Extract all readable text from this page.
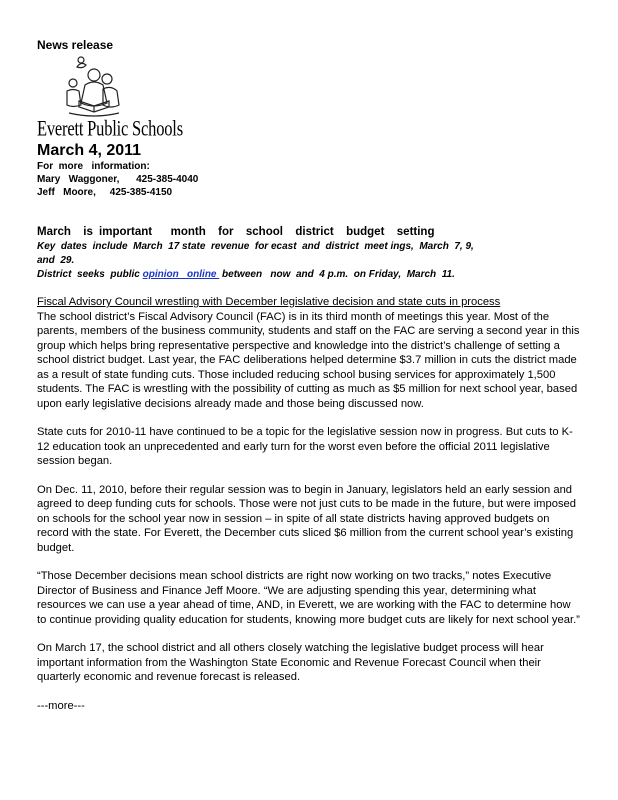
News release
Everett Public Schools
March 4, 2011
For  more   information:
Mary   Waggoner,      425-385-4040
Jeff   Moore,     425-385-4150
March  is important   month  for  school  district  budget  setting
Key  dates  include  March  17 state  revenue  for ecast  and  district  meet ings,  March  7, 9,
and  29.
District  seeks  public opinion   online  between   now  and  4 p.m.  on Friday,  March  11.
Fiscal Advisory Council wrestling with December legislative decision and state cuts in process

The school district’s Fiscal Advisory Council (FAC) is in its third month of meetings this year. Most of the parents, members of the business community, students and staff on the FAC are serving a second year in this group which helps bring representative perspective and knowledge into the district’s challenge of setting a school district budget. Last year, the FAC deliberations helped determine $3.7 million in cuts the district made as a result of state funding cuts. Those included reducing school busing services for approximately 1,500 students. The FAC is wrestling with the possibility of cutting as much as $5 million for next school year, based upon early legislative decisions already made and those being discussed now.

State cuts for 2010-11 have continued to be a topic for the legislative session now in progress. But cuts to K-12 education took an unprecedented and early turn for the worst even before the official 2011 legislative session began.

On Dec. 11, 2010, before their regular session was to begin in January, legislators held an early session and agreed to deep funding cuts for schools. Those were not just cuts to be made in the future, but were imposed on schools for the school year now in session – in spite of all state districts having approved budgets on record with the state. For Everett, the December cuts sliced $6 million from the current school year’s existing budget.

“Those December decisions mean school districts are right now working on two tracks,” notes Executive Director of Business and Finance Jeff Moore. “We are adjusting spending this year, determining what resources we can use a year ahead of time, AND, in Everett, we are working with the FAC to determine how to continue providing quality education for students, knowing more budget cuts are likely for next school year.”

On March 17, the school district and all others closely watching the legislative budget process will hear important information from the Washington State Economic and Revenue Forecast Council when their quarterly economic and revenue forecast is released.

---more---
